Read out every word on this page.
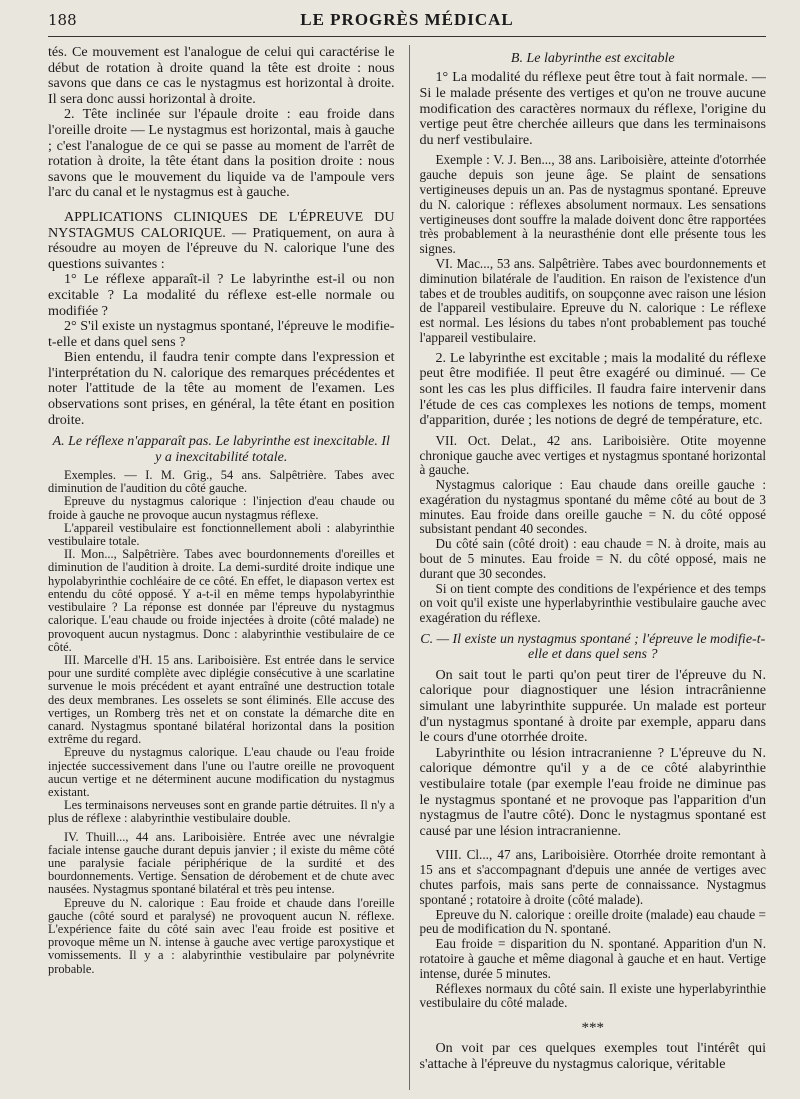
188	LE PROGRÈS MÉDICAL

tés. Ce mouvement est l'analogue de celui qui caractérise le début de rotation à droite quand la tête est droite : nous savons que dans ce cas le nystagmus est horizontal à droite. Il sera donc aussi horizontal à droite.

2. Tête inclinée sur l'épaule droite : eau froide dans l'oreille droite — Le nystagmus est horizontal, mais à gauche ; c'est l'analogue de ce qui se passe au moment de l'arrêt de rotation à droite, la tête étant dans la position droite : nous savons que le mouvement du liquide va de l'ampoule vers l'arc du canal et le nystagmus est à gauche.

APPLICATIONS CLINIQUES DE L'ÉPREUVE DU NYSTAGMUS CALORIQUE. — Pratiquement, on aura à résoudre au moyen de l'épreuve du N. calorique l'une des questions suivantes :

1° Le réflexe apparaît-il ? Le labyrinthe est-il ou non excitable ? La modalité du réflexe est-elle normale ou modifiée ?

2° S'il existe un nystagmus spontané, l'épreuve le modifie-t-elle et dans quel sens ?

Bien entendu, il faudra tenir compte dans l'expression et l'interprétation du N. calorique des remarques précédentes et noter l'attitude de la tête au moment de l'examen. Les observations sont prises, en général, la tête étant en position droite.

A. Le réflexe n'apparaît pas. Le labyrinthe est inexcitable. Il y a inexcitabilité totale.

Exemples. — I. M. Grig., 54 ans. Salpêtrière. Tabes avec diminution de l'audition du côté gauche.

Epreuve du nystagmus calorique : l'injection d'eau chaude ou froide à gauche ne provoque aucun nystagmus réflexe.

L'appareil vestibulaire est fonctionnellement aboli : alabyrinthie vestibulaire totale.

II. Mon..., Salpêtrière. Tabes avec bourdonnements d'oreilles et diminution de l'audition à droite. La demi-surdité droite indique une hypolabyrinthie cochléaire de ce côté. En effet, le diapason vertex est entendu du côté opposé. Y a-t-il en même temps hypolabyrinthie vestibulaire ? La réponse est donnée par l'épreuve du nystagmus calorique. L'eau chaude ou froide injectées à droite (côté malade) ne provoquent aucun nystagmus. Donc : alabyrinthie vestibulaire de ce côté.

III. Marcelle d'H. 15 ans. Lariboisière. Est entrée dans le service pour une surdité complète avec diplégie consécutive à une scarlatine survenue le mois précédent et ayant entraîné une destruction totale des deux membranes. Les osselets se sont éliminés. Elle accuse des vertiges, un Romberg très net et on constate la démarche dite en canard. Nystagmus spontané bilatéral horizontal dans la position extrême du regard.

Epreuve du nystagmus calorique. L'eau chaude ou l'eau froide injectée successivement dans l'une ou l'autre oreille ne provoquent aucun vertige et ne déterminent aucune modification du nystagmus existant.

Les terminaisons nerveuses sont en grande partie détruites. Il n'y a plus de réflexe : alabyrinthie vestibulaire double.

IV. Thuill..., 44 ans. Lariboisière. Entrée avec une névralgie faciale intense gauche durant depuis janvier ; il existe du même côté une paralysie faciale périphérique de la surdité et des bourdonnements. Vertige. Sensation de dérobement et de chute avec nausées. Nystagmus spontané bilatéral et très peu intense.

Epreuve du N. calorique : Eau froide et chaude dans l'oreille gauche (côté sourd et paralysé) ne provoquent aucun N. réflexe. L'expérience faite du côté sain avec l'eau froide est positive et provoque même un N. intense à gauche avec vertige paroxystique et vomissements. Il y a : alabyrinthie vestibulaire par polynévrite probable.

B. Le labyrinthe est excitable

1° La modalité du réflexe peut être tout à fait normale. — Si le malade présente des vertiges et qu'on ne trouve aucune modification des caractères normaux du réflexe, l'origine du vertige peut être cherchée ailleurs que dans les terminaisons du nerf vestibulaire.

Exemple : V. J. Ben..., 38 ans. Lariboisière, atteinte d'otorrhée gauche depuis son jeune âge. Se plaint de sensations vertigineuses depuis un an. Pas de nystagmus spontané. Epreuve du N. calorique : réflexes absolument normaux. Les sensations vertigineuses dont souffre la malade doivent donc être rapportées très probablement à la neurasthénie dont elle présente tous les signes.

VI. Mac..., 53 ans. Salpêtrière. Tabes avec bourdonnements et diminution bilatérale de l'audition. En raison de l'existence d'un tabes et de troubles auditifs, on soupçonne avec raison une lésion de l'appareil vestibulaire. Epreuve du N. calorique : Le réflexe est normal. Les lésions du tabes n'ont probablement pas touché l'appareil vestibulaire.

2. Le labyrinthe est excitable ; mais la modalité du réflexe peut être modifiée. Il peut être exagéré ou diminué. — Ce sont les cas les plus difficiles. Il faudra faire intervenir dans l'étude de ces cas complexes les notions de temps, moment d'apparition, durée ; les notions de degré de température, etc.

VII. Oct. Delat., 42 ans. Lariboisière. Otite moyenne chronique gauche avec vertiges et nystagmus spontané horizontal à gauche.

Nystagmus calorique : Eau chaude dans oreille gauche : exagération du nystagmus spontané du même côté au bout de 3 minutes. Eau froide dans oreille gauche = N. du côté opposé subsistant pendant 40 secondes.

Du côté sain (côté droit) : eau chaude = N. à droite, mais au bout de 5 minutes. Eau froide = N. du côté opposé, mais ne durant que 30 secondes.

Si on tient compte des conditions de l'expérience et des temps on voit qu'il existe une hyperlabyrinthie vestibulaire gauche avec exagération du réflexe.

C. — Il existe un nystagmus spontané ; l'épreuve le modifie-t-elle et dans quel sens ?

On sait tout le parti qu'on peut tirer de l'épreuve du N. calorique pour diagnostiquer une lésion intracrânienne simulant une labyrinthite suppurée. Un malade est porteur d'un nystagmus spontané à droite par exemple, apparu dans le cours d'une otorrhée droite.

Labyrinthite ou lésion intracranienne ? L'épreuve du N. calorique démontre qu'il y a de ce côté alabyrinthie vestibulaire totale (par exemple l'eau froide ne diminue pas le nystagmus spontané et ne provoque pas l'apparition d'un nystagmus de l'autre côté). Donc le nystagmus spontané est causé par une lésion intracranienne.

VIII. Cl..., 47 ans, Lariboisière. Otorrhée droite remontant à 15 ans et s'accompagnant d'depuis une année de vertiges avec chutes parfois, mais sans perte de connaissance. Nystagmus spontané ; rotatoire à droite (côté malade).

Epreuve du N. calorique : oreille droite (malade) eau chaude = peu de modification du N. spontané.

Eau froide = disparition du N. spontané. Apparition d'un N. rotatoire à gauche et même diagonal à gauche et en haut. Vertige intense, durée 5 minutes.

Réflexes normaux du côté sain. Il existe une hyperlabyrinthie vestibulaire du côté malade.

***

On voit par ces quelques exemples tout l'intérêt qui s'attache à l'épreuve du nystagmus calorique, véritable
